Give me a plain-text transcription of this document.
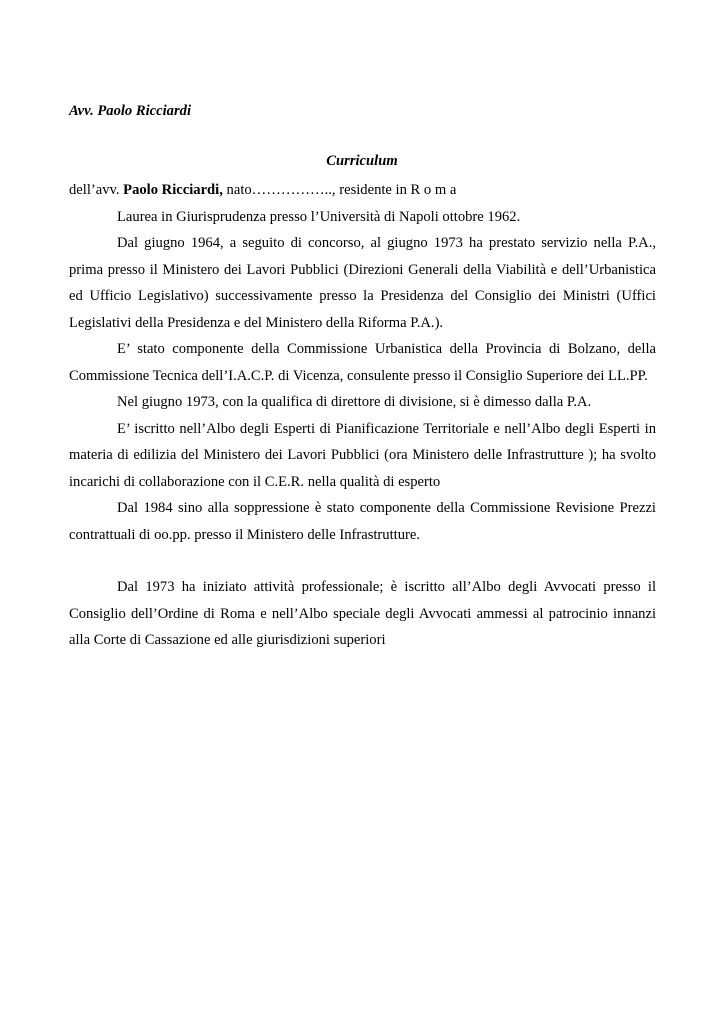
Avv. Paolo Ricciardi
Curriculum

dell’avv. Paolo Ricciardi, nato…………….., residente in R o m a

Laurea in Giurisprudenza presso l’Università di Napoli ottobre 1962.

Dal giugno 1964, a seguito di concorso, al giugno 1973 ha prestato servizio nella P.A., prima presso il Ministero dei Lavori Pubblici (Direzioni Generali della Viabilità e dell’Urbanistica ed Ufficio Legislativo) successivamente presso la Presidenza del Consiglio dei Ministri (Uffici Legislativi della Presidenza e del Ministero della Riforma P.A.).

E’ stato componente della Commissione Urbanistica della Provincia di Bolzano, della Commissione Tecnica dell’I.A.C.P. di Vicenza, consulente presso il Consiglio Superiore dei LL.PP.

Nel giugno 1973, con la qualifica di direttore di divisione, si è dimesso dalla P.A.

E’ iscritto nell’Albo degli Esperti di Pianificazione Territoriale e nell’Albo degli Esperti in materia di edilizia del Ministero dei Lavori Pubblici (ora Ministero delle Infrastrutture ); ha svolto incarichi di collaborazione con il C.E.R. nella qualità di esperto

Dal 1984 sino alla soppressione è stato componente della Commissione Revisione Prezzi contrattuali di oo.pp. presso il Ministero delle Infrastrutture.

Dal 1973 ha iniziato attività professionale; è iscritto all’Albo degli Avvocati presso il Consiglio dell’Ordine di Roma e nell’Albo speciale degli Avvocati ammessi al patrocinio innanzi alla Corte di Cassazione ed alle giurisdizioni superiori
